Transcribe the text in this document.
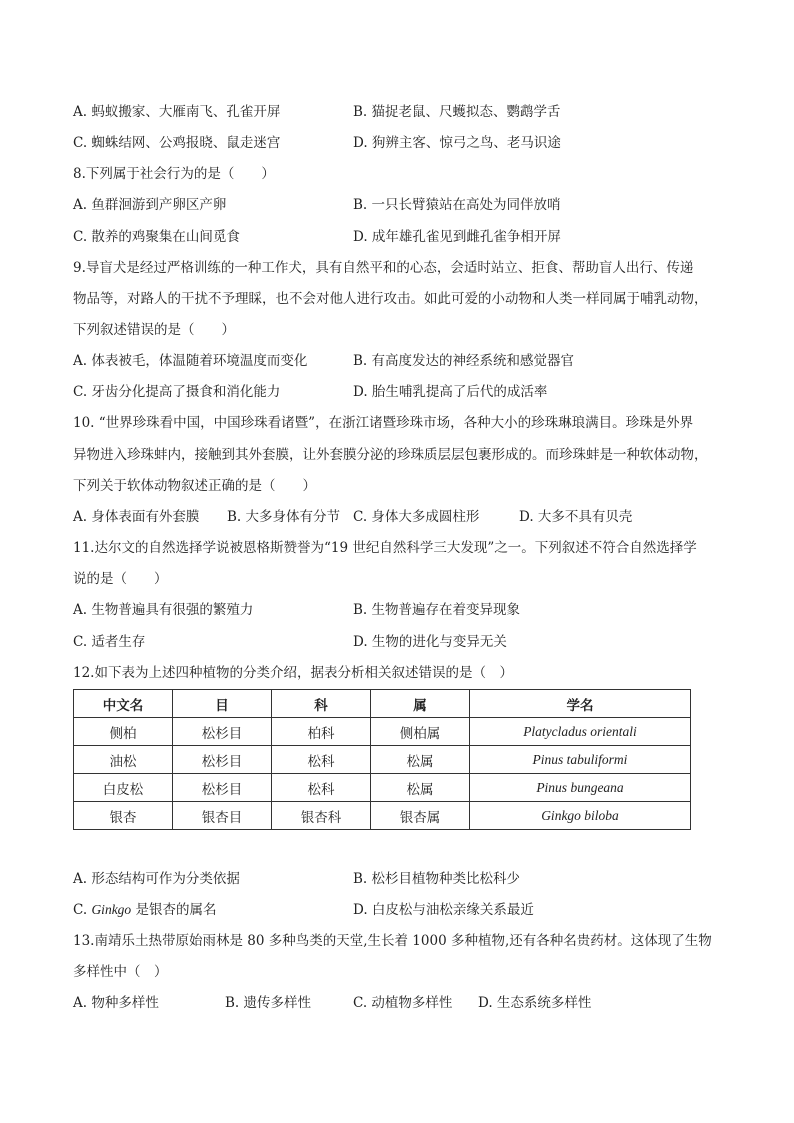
A. 蚂蚁搬家、大雁南飞、孔雀开屏	B. 猫捉老鼠、尺蠖拟态、鹦鹉学舌
C. 蜘蛛结网、公鸡报晓、鼠走迷宫	D. 狗辨主客、惊弓之鸟、老马识途
8.下列属于社会行为的是（　　）
A. 鱼群洄游到产卵区产卵	B. 一只长臂猿站在高处为同伴放哨
C. 散养的鸡聚集在山间觅食	D. 成年雄孔雀见到雌孔雀争相开屏
9.导盲犬是经过严格训练的一种工作犬，具有自然平和的心态，会适时站立、拒食、帮助盲人出行、传递
物品等，对路人的干扰不予理睬，也不会对他人进行攻击。如此可爱的小动物和人类一样同属于哺乳动物，
下列叙述错误的是（　　）
A. 体表被毛，体温随着环境温度而变化	B. 有高度发达的神经系统和感觉器官
C. 牙齿分化提高了摄食和消化能力	D. 胎生哺乳提高了后代的成活率
10. “世界珍珠看中国，中国珍珠看诸暨”，在浙江诸暨珍珠市场，各种大小的珍珠琳琅满目。珍珠是外界
异物进入珍珠蚌内，接触到其外套膜，让外套膜分泌的珍珠质层层包裹形成的。而珍珠蚌是一种软体动物，
下列关于软体动物叙述正确的是（　　）
A. 身体表面有外套膜 B. 大多身体有分节 C. 身体大多成圆柱形	D. 大多不具有贝壳
11.达尔文的自然选择学说被恩格斯赞誉为“19 世纪自然科学三大发现”之一。下列叙述不符合自然选择学
说的是（　　）
A. 生物普遍具有很强的繁殖力	B. 生物普遍存在着变异现象
C. 适者生存	D. 生物的进化与变异无关
12.如下表为上述四种植物的分类介绍，据表分析相关叙述错误的是（　）
中文名	目	科	属	学名
侧柏	松杉目	柏科	侧柏属	Platycladus orientali
油松	松杉目	松科	松属	Pinus tabuliformi
白皮松	松杉目	松科	松属	Pinus bungeana
银杏	银杏目	银杏科	银杏属	Ginkgo biloba
A. 形态结构可作为分类依据	B. 松杉目植物种类比松科少
C. Ginkgo 是银杏的属名	D. 白皮松与油松亲缘关系最近
13.南靖乐土热带原始雨林是 80 多种鸟类的天堂,生长着 1000 多种植物,还有各种名贵药材。这体现了生物
多样性中（　）
A. 物种多样性	B. 遗传多样性	C. 动植物多样性 D. 生态系统多样性
